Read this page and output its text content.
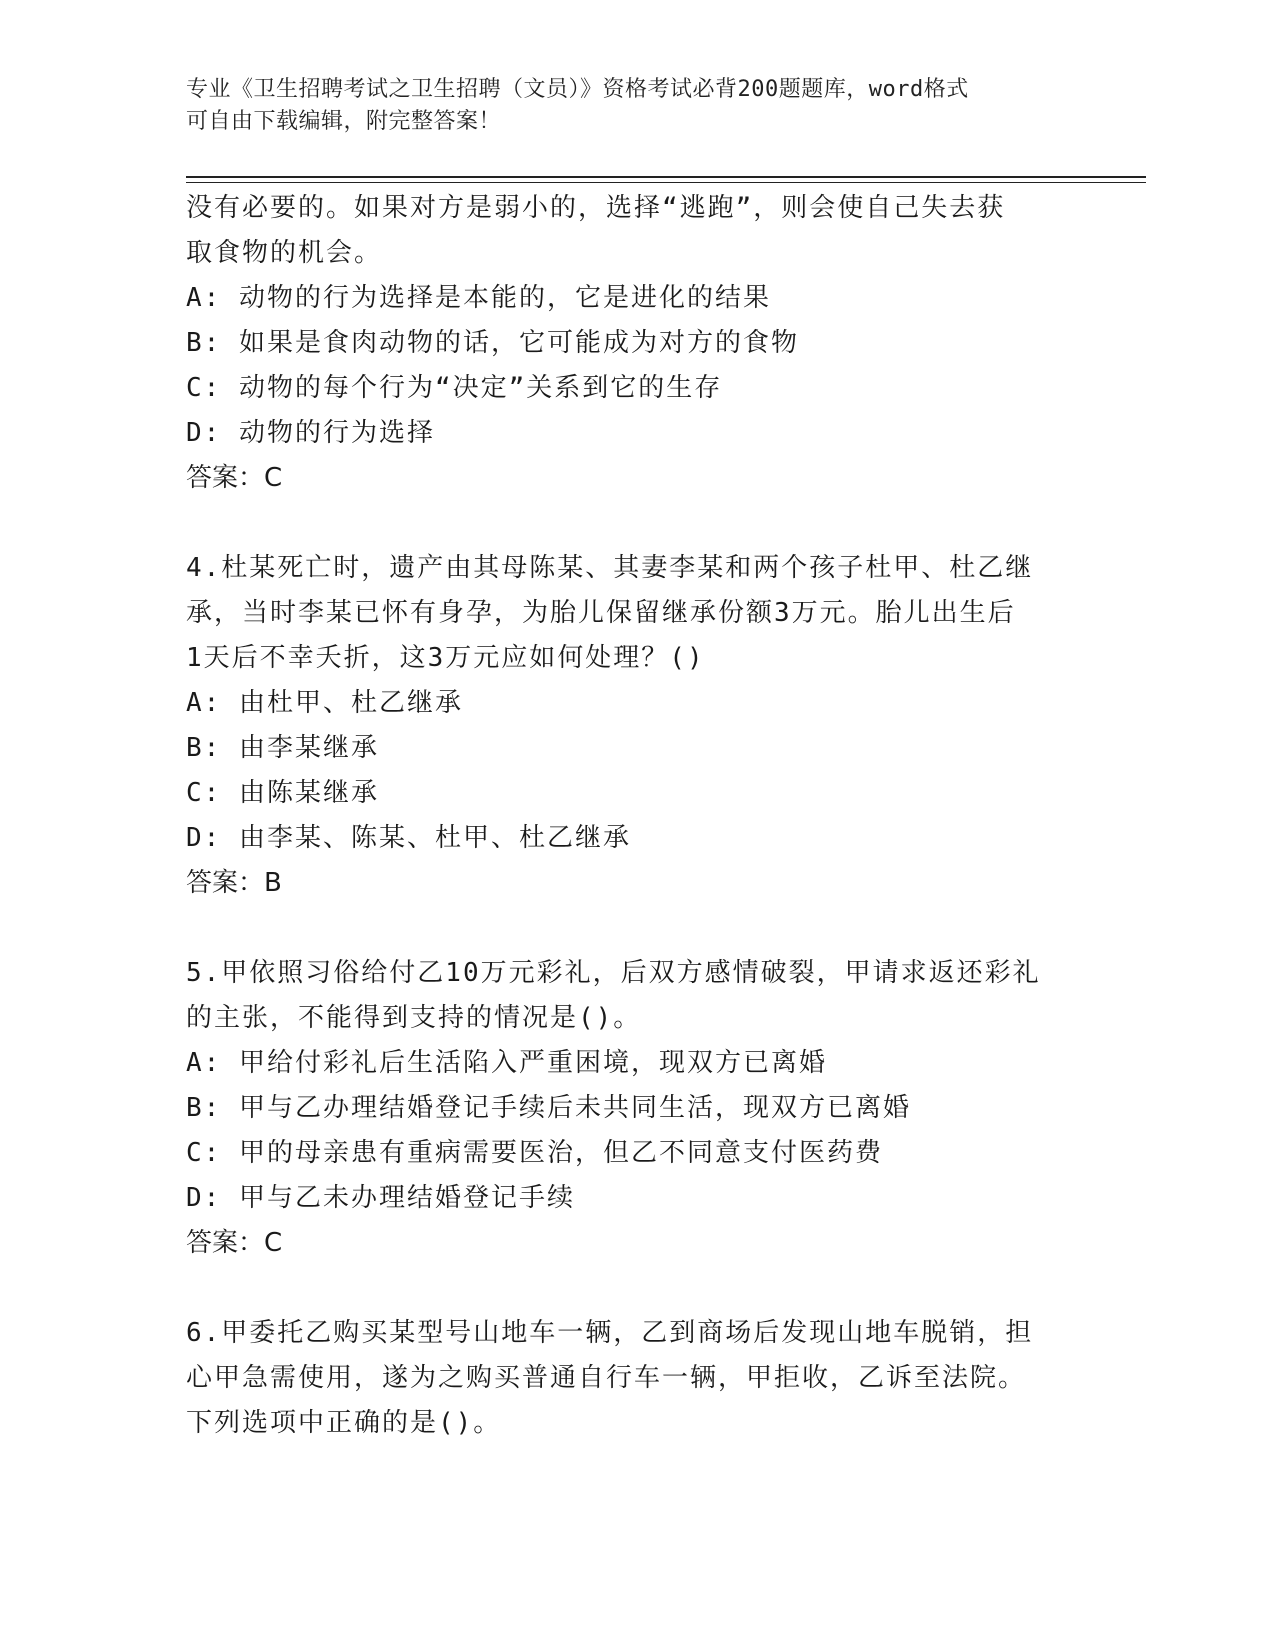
专业《卫生招聘考试之卫生招聘（文员）》资格考试必背200题题库，word格式
可自由下载编辑，附完整答案！
没有必要的。如果对方是弱小的，选择“逃跑”，则会使自己失去获
取食物的机会。
A: 动物的行为选择是本能的，它是进化的结果
B: 如果是食肉动物的话，它可能成为对方的食物
C: 动物的每个行为“决定”关系到它的生存
D: 动物的行为选择
答案：C
4.杜某死亡时，遗产由其母陈某、其妻李某和两个孩子杜甲、杜乙继
承，当时李某已怀有身孕，为胎儿保留继承份额3万元。胎儿出生后
1天后不幸夭折，这3万元应如何处理？()
A: 由杜甲、杜乙继承
B: 由李某继承
C: 由陈某继承
D: 由李某、陈某、杜甲、杜乙继承
答案：B
5.甲依照习俗给付乙10万元彩礼，后双方感情破裂，甲请求返还彩礼
的主张，不能得到支持的情况是()。
A: 甲给付彩礼后生活陷入严重困境，现双方已离婚
B: 甲与乙办理结婚登记手续后未共同生活，现双方已离婚
C: 甲的母亲患有重病需要医治，但乙不同意支付医药费
D: 甲与乙未办理结婚登记手续
答案：C
6.甲委托乙购买某型号山地车一辆，乙到商场后发现山地车脱销，担
心甲急需使用，遂为之购买普通自行车一辆，甲拒收，乙诉至法院。
下列选项中正确的是()。
